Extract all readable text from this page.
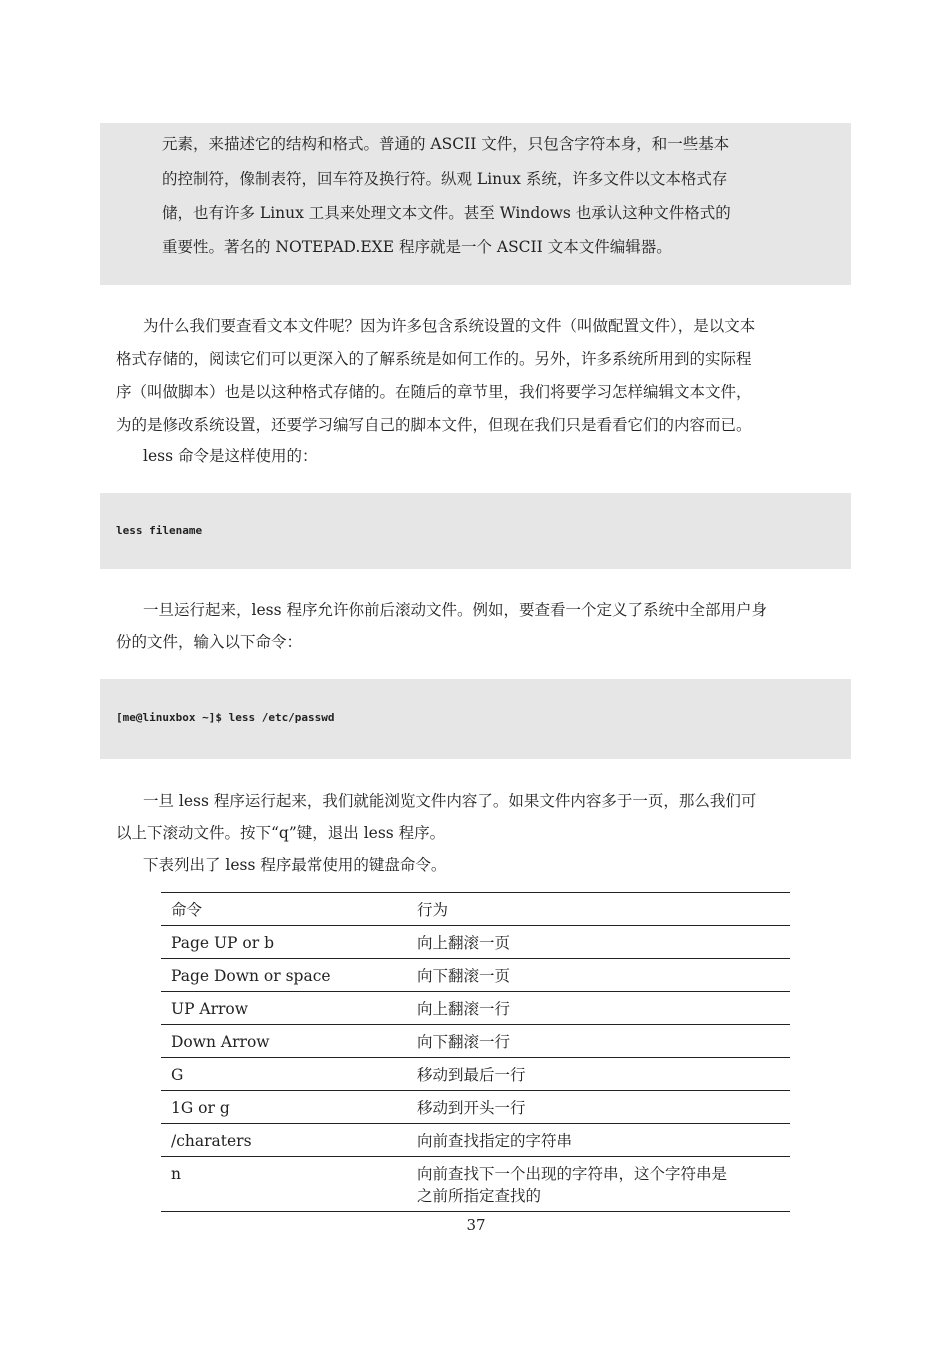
元素，来描述它的结构和格式。普通的 ASCII 文件，只包含字符本身，和一些基本
的控制符，像制表符，回车符及换行符。纵观 Linux 系统，许多文件以文本格式存
储，也有许多 Linux 工具来处理文本文件。甚至 Windows 也承认这种文件格式的
重要性。著名的 NOTEPAD.EXE 程序就是一个 ASCII 文本文件编辑器。
为什么我们要查看文本文件呢？因为许多包含系统设置的文件（叫做配置文件），是以文本
格式存储的，阅读它们可以更深入的了解系统是如何工作的。另外，许多系统所用到的实际程
序（叫做脚本）也是以这种格式存储的。在随后的章节里，我们将要学习怎样编辑文本文件，
为的是修改系统设置，还要学习编写自己的脚本文件，但现在我们只是看看它们的内容而已。
less 命令是这样使用的：
less filename
一旦运行起来，less 程序允许你前后滚动文件。例如，要查看一个定义了系统中全部用户身
份的文件，输入以下命令：
[me@linuxbox ~]$ less /etc/passwd
一旦 less 程序运行起来，我们就能浏览文件内容了。如果文件内容多于一页，那么我们可
以上下滚动文件。按下“q”键，退出 less 程序。
下表列出了 less 程序最常使用的键盘命令。
命令	行为
Page UP or b	向上翻滚一页
Page Down or space	向下翻滚一页
UP Arrow	向上翻滚一行
Down Arrow	向下翻滚一行
G	移动到最后一行
1G or g	移动到开头一行
/charaters	向前查找指定的字符串
n	向前查找下一个出现的字符串，这个字符串是
之前所指定查找的
37
